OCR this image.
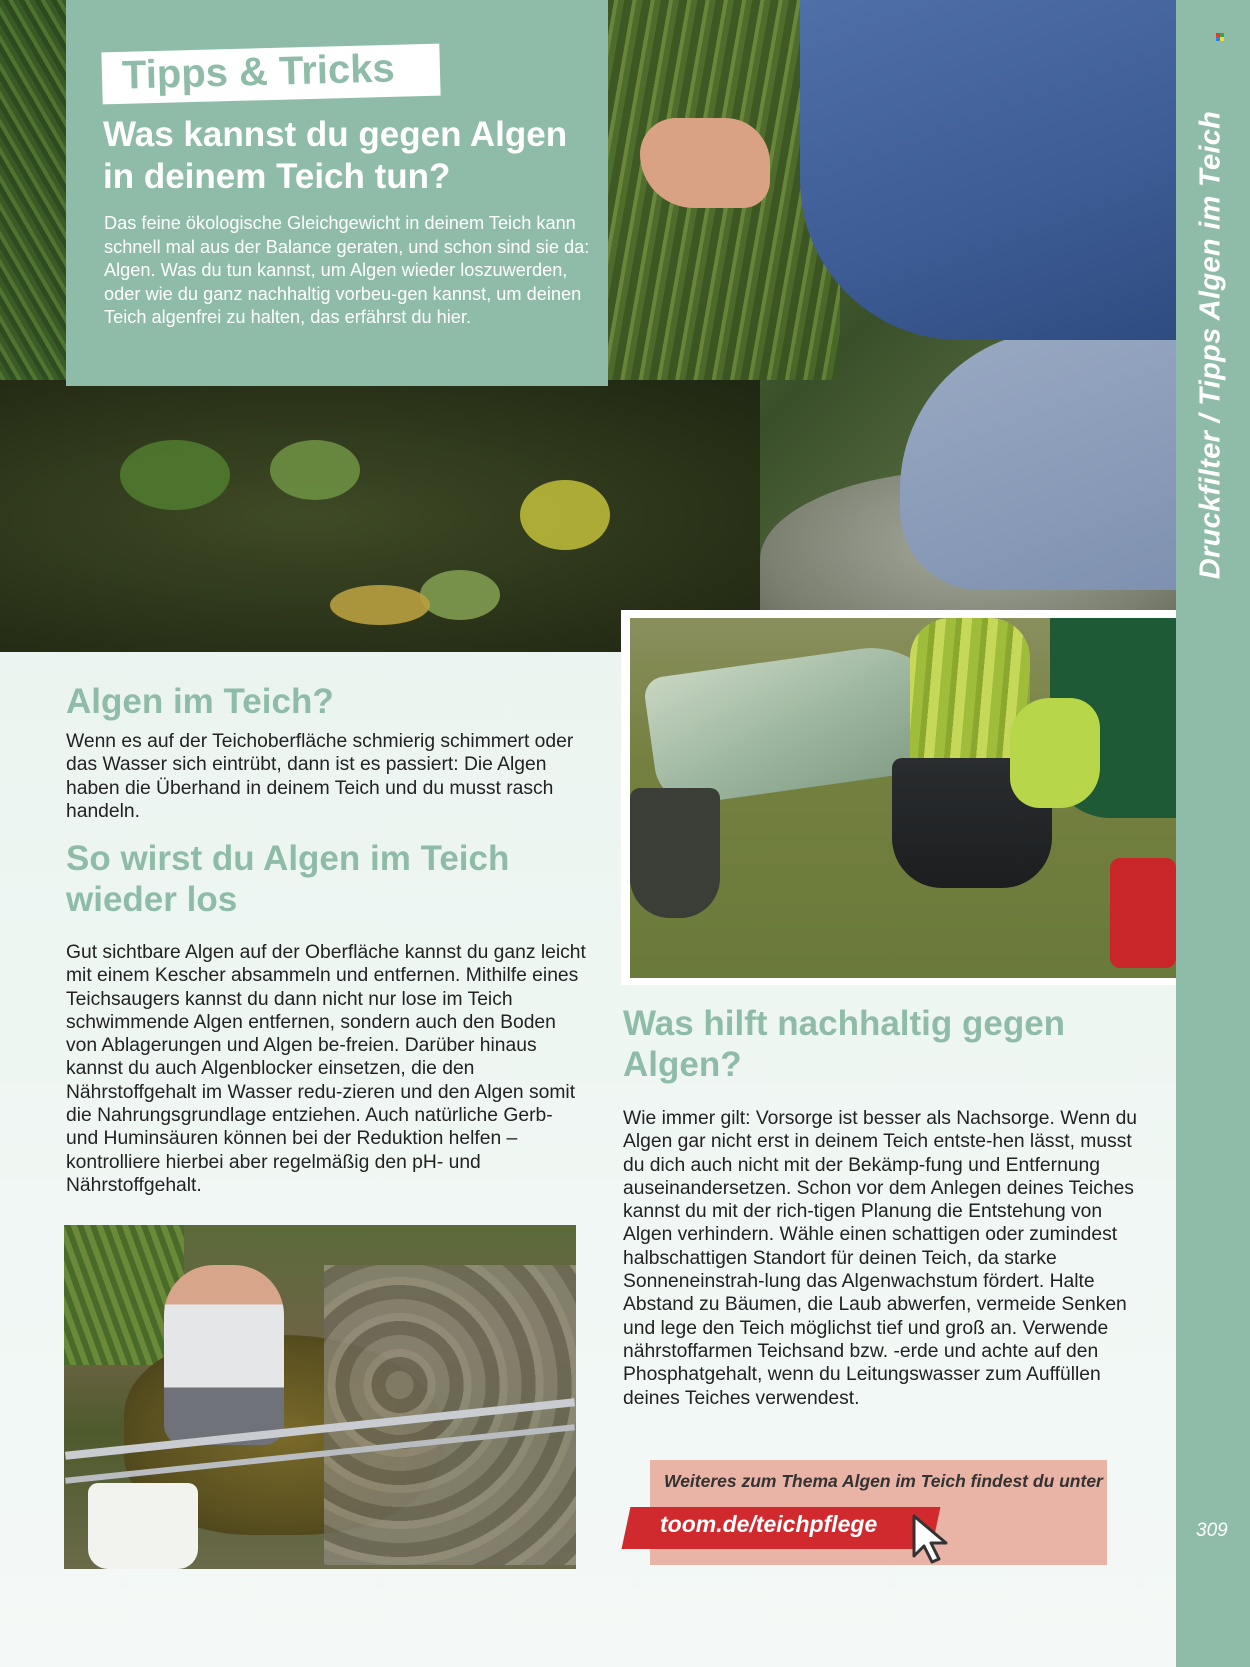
Tipps & Tricks
Was kannst du gegen Algen in deinem Teich tun?

Das feine ökologische Gleichgewicht in deinem Teich kann schnell mal aus der Balance geraten, und schon sind sie da: Algen. Was du tun kannst, um Algen wieder loszuwerden, oder wie du ganz nachhaltig vorbeu-gen kannst, um deinen Teich algenfrei zu halten, das erfährst du hier.	Druckfilter / Tipps Algen im Teich
309
Algen im Teich?

Wenn es auf der Teichoberfläche schmierig schimmert oder das Wasser sich eintrübt, dann ist es passiert: Die Algen haben die Überhand in deinem Teich und du musst rasch handeln.

So wirst du Algen im Teich wieder los

Gut sichtbare Algen auf der Oberfläche kannst du ganz leicht mit einem Kescher absammeln und entfernen. Mithilfe eines Teichsaugers kannst du dann nicht nur lose im Teich schwimmende Algen entfernen, sondern auch den Boden von Ablagerungen und Algen be-freien. Darüber hinaus kannst du auch Algenblocker einsetzen, die den Nährstoffgehalt im Wasser redu-zieren und den Algen somit die Nahrungsgrundlage entziehen. Auch natürliche Gerb- und Huminsäuren können bei der Reduktion helfen – kontrolliere hierbei aber regelmäßig den pH- und Nährstoffgehalt.

Was hilft nachhaltig gegen Algen?

Wie immer gilt: Vorsorge ist besser als Nachsorge. Wenn du Algen gar nicht erst in deinem Teich entste-hen lässt, musst du dich auch nicht mit der Bekämp-fung und Entfernung auseinandersetzen. Schon vor dem Anlegen deines Teiches kannst du mit der rich-tigen Planung die Entstehung von Algen verhindern. Wähle einen schattigen oder zumindest halbschattigen Standort für deinen Teich, da starke Sonneneinstrah-lung das Algenwachstum fördert. Halte Abstand zu Bäumen, die Laub abwerfen, vermeide Senken und lege den Teich möglichst tief und groß an. Verwende nährstoffarmen Teichsand bzw. -erde und achte auf den Phosphatgehalt, wenn du Leitungswasser zum Auffüllen deines Teiches verwendest.

Weiteres zum Thema Algen im Teich findest du unter

toom.de/teichpflege
